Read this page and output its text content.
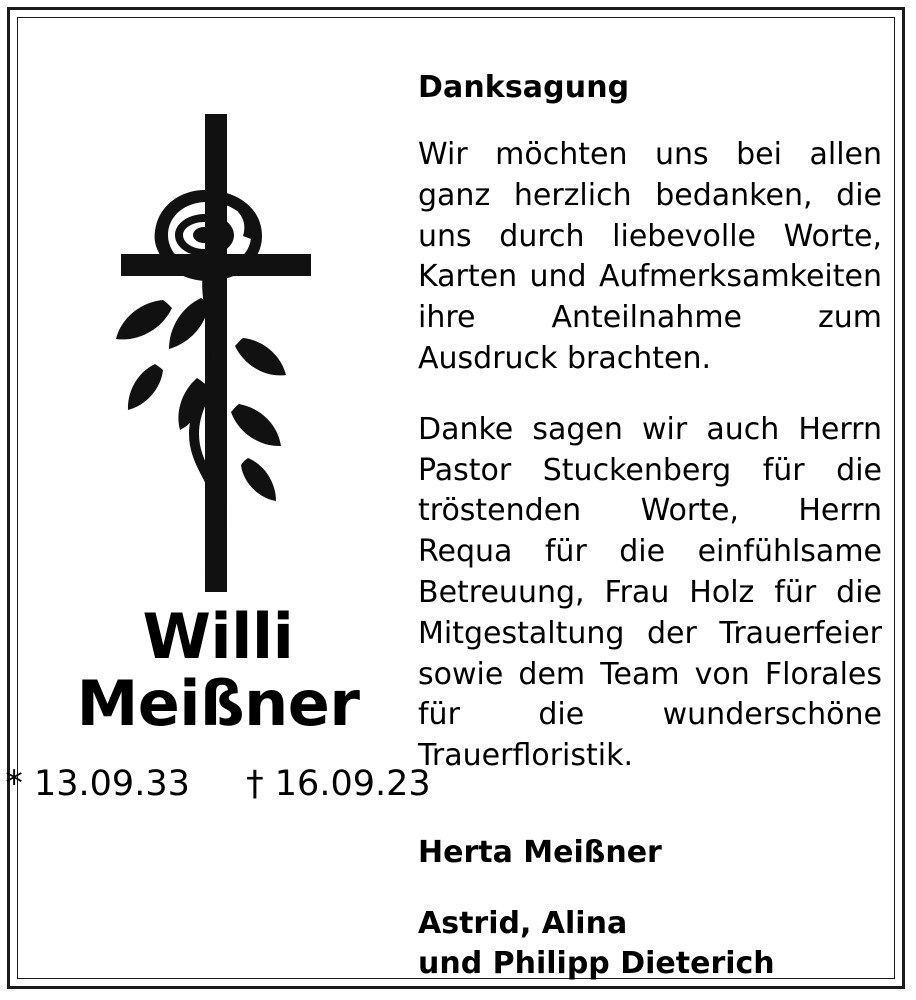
Willi
Meißner
* 13.09.33 † 16.09.23
Danksagung

Wir möchten uns bei allen ganz herzlich bedanken, die uns durch liebevolle Worte, Karten und Aufmerksamkeiten ihre Anteilnahme zum Ausdruck brachten.

Danke sagen wir auch Herrn Pastor Stuckenberg für die tröstenden Worte, Herrn Requa für die einfühlsame Betreuung, Frau Holz für die Mitgestaltung der Trauerfeier sowie dem Team von Florales für die wunderschöne Trauerfloristik.

Herta Meißner
Astrid, Alina
und Philipp Dieterich
